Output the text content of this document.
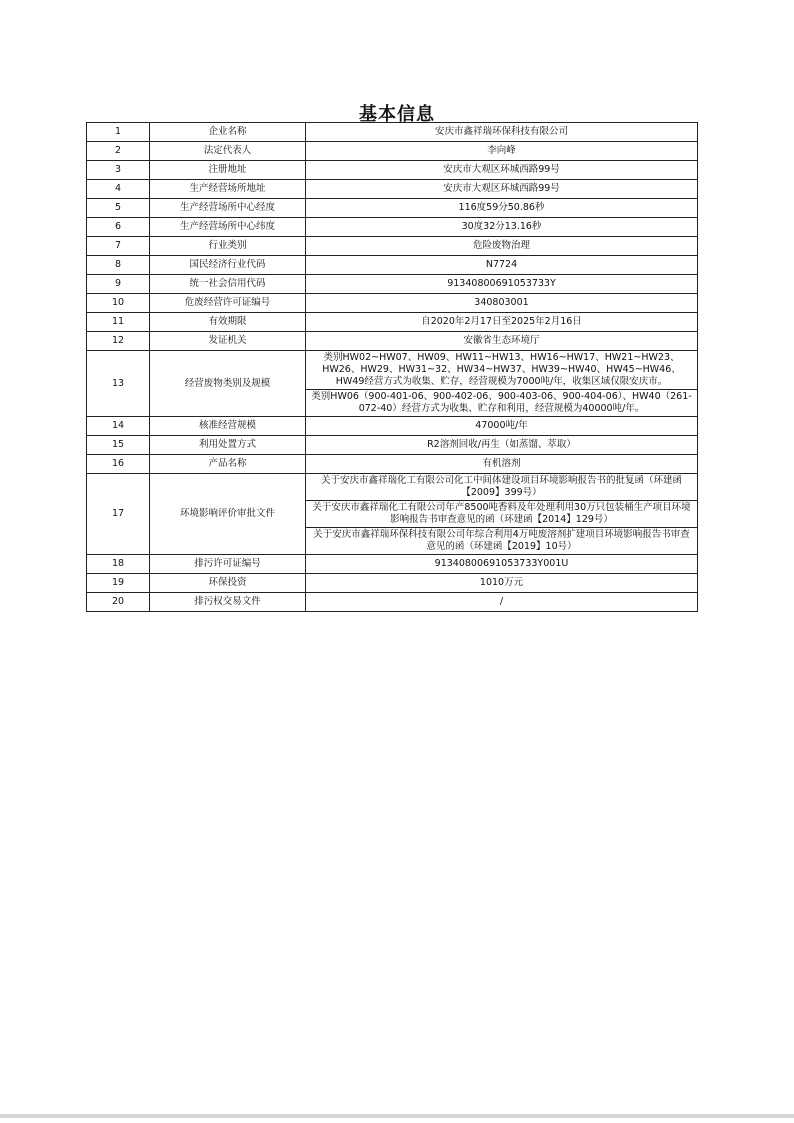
基本信息
1	企业名称	安庆市鑫祥瑞环保科技有限公司
2	法定代表人	李向峰
3	注册地址	安庆市大观区环城西路99号
4	生产经营场所地址	安庆市大观区环城西路99号
5	生产经营场所中心经度	116度59分50.86秒
6	生产经营场所中心纬度	30度32分13.16秒
7	行业类别	危险废物治理
8	国民经济行业代码	N7724
9	统一社会信用代码	91340800691053733Y
10	危废经营许可证编号	340803001
11	有效期限	自2020年2月17日至2025年2月16日
12	发证机关	安徽省生态环境厅
13	经营废物类别及规模	类别HW02~HW07、HW09、HW11~HW13、HW16~HW17、HW21~HW23、HW26、HW29、HW31~32、HW34~HW37、HW39~HW40、HW45~HW46、HW49经营方式为收集、贮存，经营规模为7000吨/年，收集区域仅限安庆市。
		类别HW06（900-401-06、900-402-06、900-403-06、900-404-06）、HW40（261-072-40）经营方式为收集、贮存和利用，经营规模为40000吨/年。
14	核准经营规模	47000吨/年
15	利用处置方式	R2溶剂回收/再生（如蒸馏、萃取）
16	产品名称	有机溶剂
17	环境影响评价审批文件	关于安庆市鑫祥瑞化工有限公司化工中间体建设项目环境影响报告书的批复函（环建函【2009】399号）
		关于安庆市鑫祥瑞化工有限公司年产8500吨香料及年处理利用30万只包装桶生产项目环境影响报告书审查意见的函（环建函【2014】129号）
		关于安庆市鑫祥瑞环保科技有限公司年综合利用4万吨废溶剂扩建项目环境影响报告书审查意见的函（环建函【2019】10号）
18	排污许可证编号	91340800691053733Y001U
19	环保投资	1010万元
20	排污权交易文件	/
